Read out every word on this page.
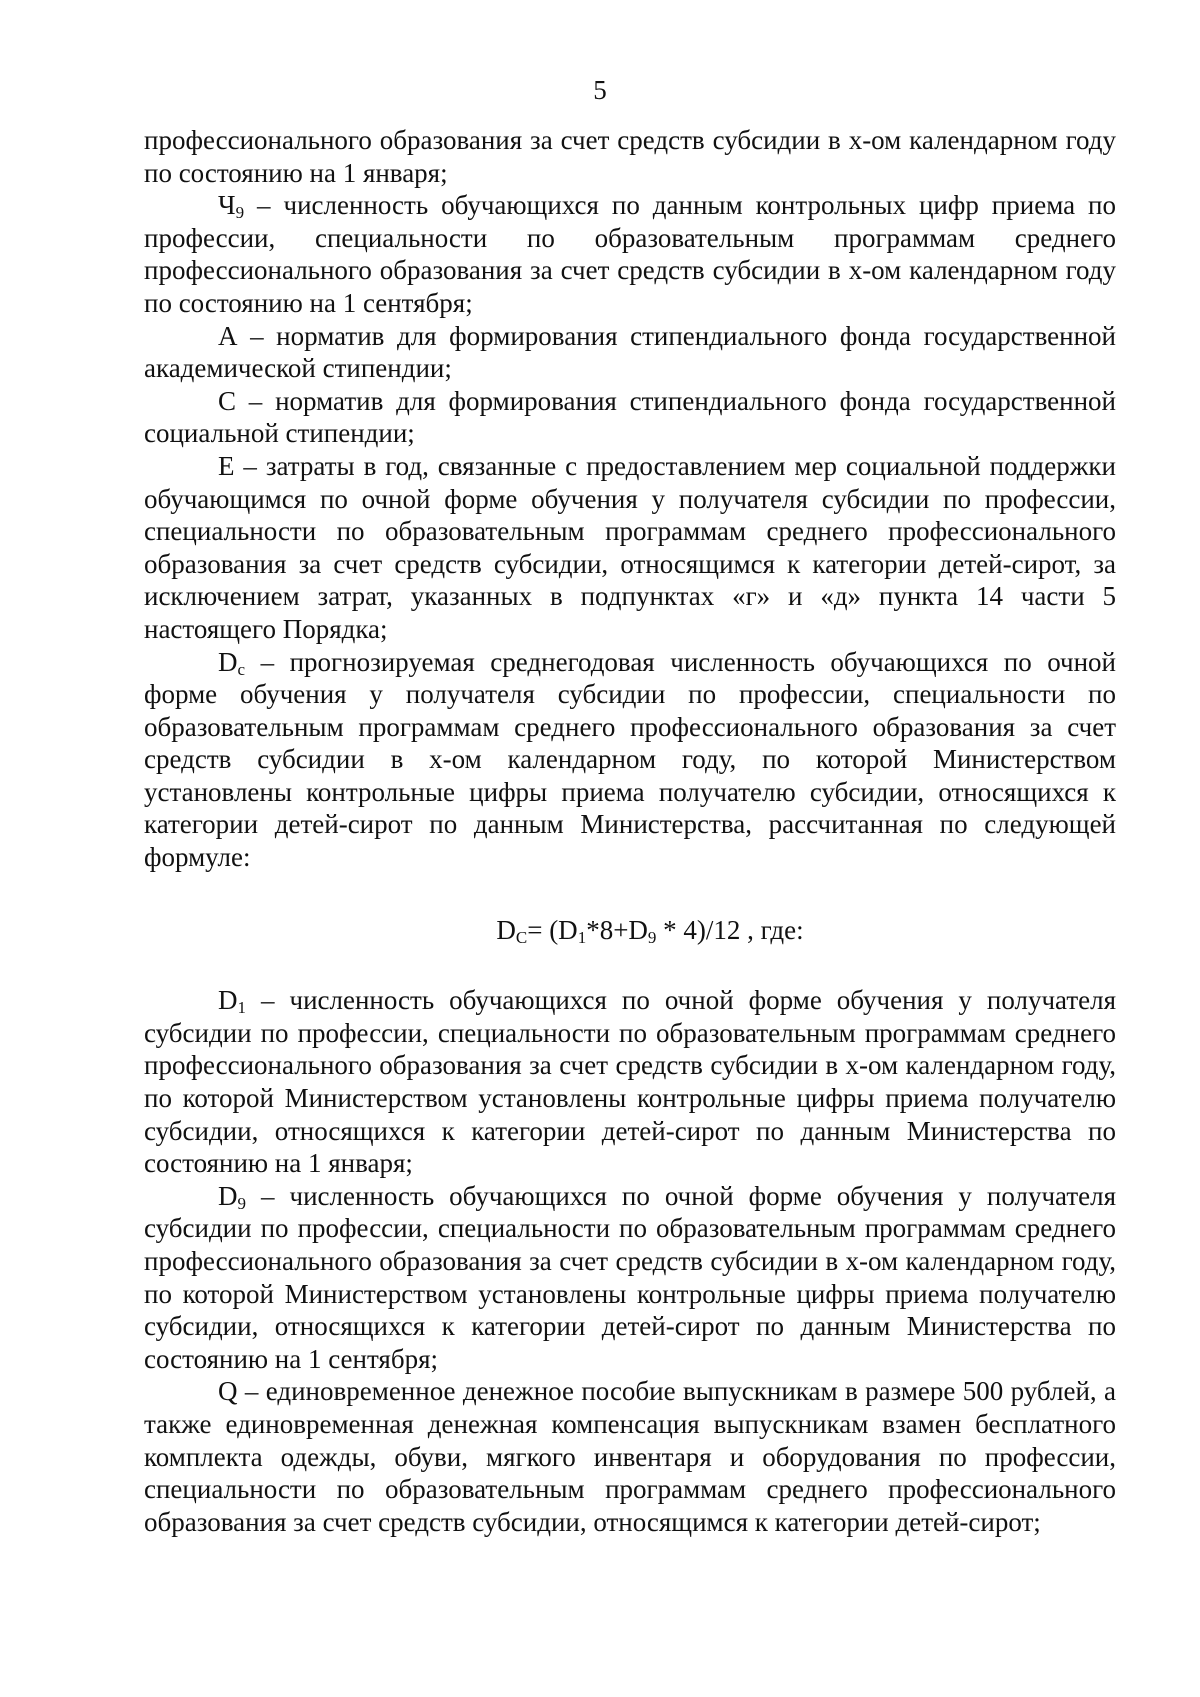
5

профессионального образования за счет средств субсидии в х-ом календарном году по состоянию на 1 января;

$Ч_9$ – численность обучающихся по данным контрольных цифр приема по профессии, специальности по образовательным программам среднего профессионального образования за счет средств субсидии в х-ом календарном году по состоянию на 1 сентября;

А – норматив для формирования стипендиального фонда государственной академической стипендии;

С – норматив для формирования стипендиального фонда государственной социальной стипендии;

Е – затраты в год, связанные с предоставлением мер социальной поддержки обучающимся по очной форме обучения у получателя субсидии по профессии, специальности по образовательным программам среднего профессионального образования за счет средств субсидии, относящимся к категории детей-сирот, за исключением затрат, указанных в подпунктах «г» и «д» пункта 14 части 5 настоящего Порядка;

$D_c$ – прогнозируемая среднегодовая численность обучающихся по очной форме обучения у получателя субсидии по профессии, специальности по образовательным программам среднего профессионального образования за счет средств субсидии в х-ом календарном году, по которой Министерством установлены контрольные цифры приема получателю субсидии, относящихся к категории детей-сирот по данным Министерства, рассчитанная по следующей формуле:

$D_C= (D_1*8+D_9 * 4)/12$ , где:

$D_1$ – численность обучающихся по очной форме обучения у получателя субсидии по профессии, специальности по образовательным программам среднего профессионального образования за счет средств субсидии в х-ом календарном году, по которой Министерством установлены контрольные цифры приема получателю субсидии, относящихся к категории детей-сирот по данным Министерства по состоянию на 1 января;

$D_9$ – численность обучающихся по очной форме обучения у получателя субсидии по профессии, специальности по образовательным программам среднего профессионального образования за счет средств субсидии в х-ом календарном году, по которой Министерством установлены контрольные цифры приема получателю субсидии, относящихся к категории детей-сирот по данным Министерства по состоянию на 1 сентября;

Q – единовременное денежное пособие выпускникам в размере 500 рублей, а также единовременная денежная компенсация выпускникам взамен бесплатного комплекта одежды, обуви, мягкого инвентаря и оборудования по профессии, специальности по образовательным программам среднего профессионального образования за счет средств субсидии, относящимся к категории детей-сирот;
